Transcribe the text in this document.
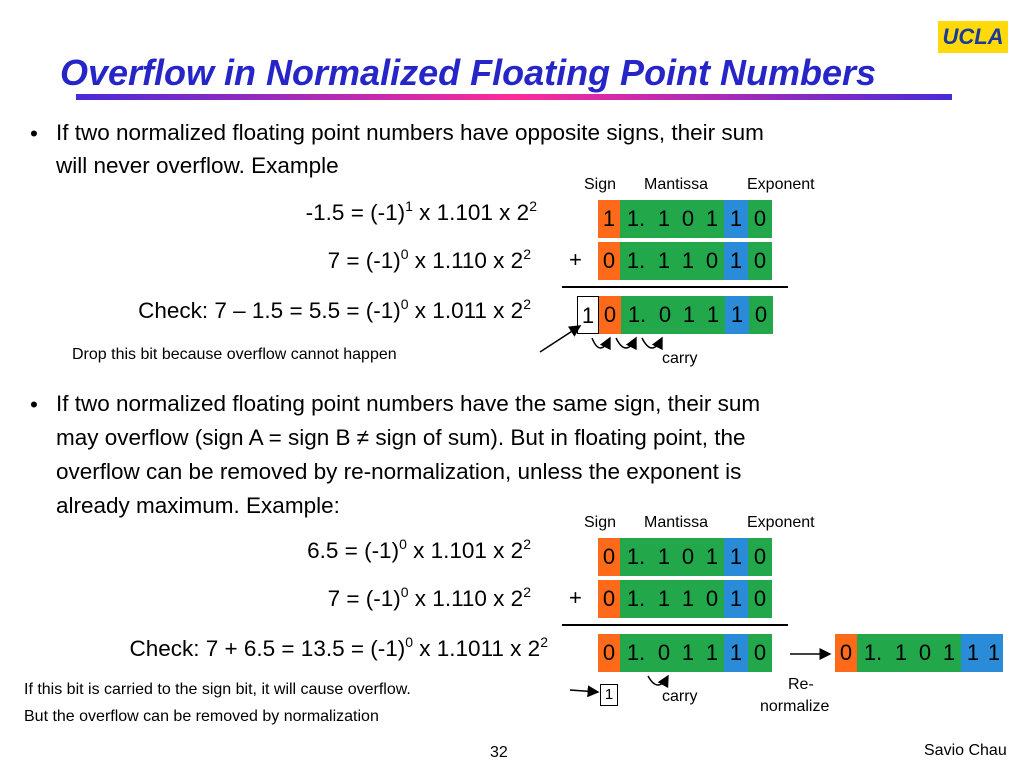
UCLA
Overflow in Normalized Floating Point Numbers
• If two normalized floating point numbers have opposite signs, their sum
will never overflow. Example
Sign Mantissa Exponent
$-1.5 = (-1)^1$ x 1.101 x $2^2$
$7 = (-1)^0$ x 1.110 x $2^2$
Check: $7 - 1.5 = 5.5 = (-1)^0$ x 1.011 x $2^2$
+
1 1. 1 0 1 1 0
0 1. 1 1 0 1 0
1 0 1. 0 1 1 1 0
Drop this bit because overflow cannot happen	carry
• If two normalized floating point numbers have the same sign, their sum
may overflow (sign A = sign B ≠ sign of sum). But in floating point, the
overflow can be removed by re-normalization, unless the exponent is
already maximum. Example:
Sign Mantissa Exponent
$6.5 = (-1)^0$ x 1.101 x $2^2$
$7 = (-1)^0$ x 1.110 x $2^2$
Check: $7 + 6.5 = 13.5 = (-1)^0$ x 1.1011 x $2^2$
+
0 1. 1 0 1 1 0
0 1. 1 1 0 1 0
0 1. 0 1 1 1 0	0 1. 1 0 1 1 1
1	carry
Re-
normalize
If this bit is carried to the sign bit, it will cause overflow.
But the overflow can be removed by normalization
32	Savio Chau
